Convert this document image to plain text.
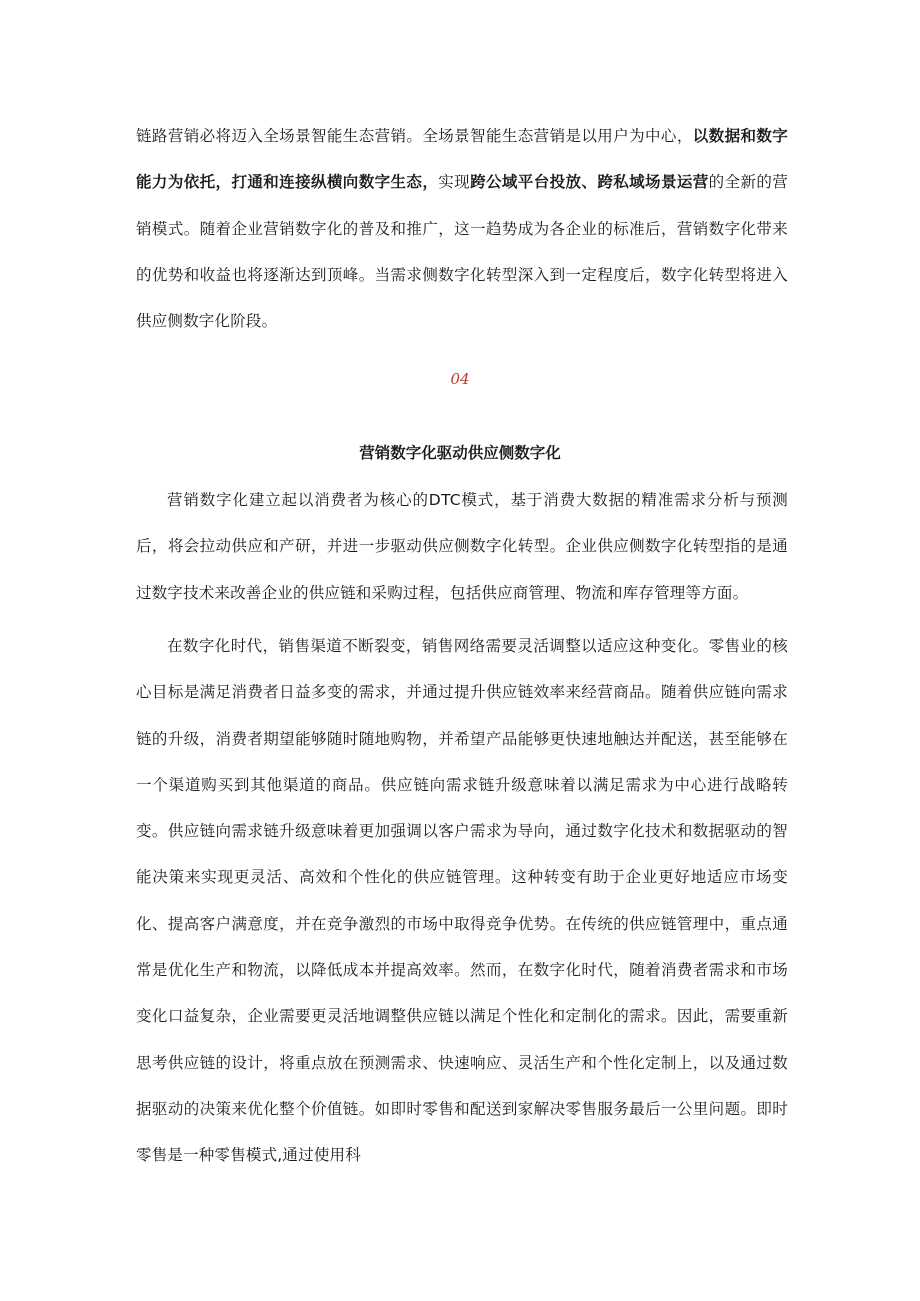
链路营销必将迈入全场景智能生态营销。全场景智能生态营销是以用户为中心，以数据和数字能力为依托，打通和连接纵横向数字生态，实现跨公域平台投放、跨私域场景运营的全新的营销模式。随着企业营销数字化的普及和推广，这一趋势成为各企业的标准后，营销数字化带来的优势和收益也将逐渐达到顶峰。当需求侧数字化转型深入到一定程度后，数字化转型将进入供应侧数字化阶段。

04
营销数字化驱动供应侧数字化

营销数字化建立起以消费者为核心的DTC模式，基于消费大数据的精准需求分析与预测后，将会拉动供应和产研，并进一步驱动供应侧数字化转型。企业供应侧数字化转型指的是通过数字技术来改善企业的供应链和采购过程，包括供应商管理、物流和库存管理等方面。

在数字化时代，销售渠道不断裂变，销售网络需要灵活调整以适应这种变化。零售业的核心目标是满足消费者日益多变的需求，并通过提升供应链效率来经营商品。随着供应链向需求链的升级，消费者期望能够随时随地购物，并希望产品能够更快速地触达并配送，甚至能够在一个渠道购买到其他渠道的商品。供应链向需求链升级意味着以满足需求为中心进行战略转变。供应链向需求链升级意味着更加强调以客户需求为导向，通过数字化技术和数据驱动的智能决策来实现更灵活、高效和个性化的供应链管理。这种转变有助于企业更好地适应市场变化、提高客户满意度，并在竞争激烈的市场中取得竞争优势。在传统的供应链管理中，重点通常是优化生产和物流，以降低成本并提高效率。然而，在数字化时代，随着消费者需求和市场变化口益复杂，企业需要更灵活地调整供应链以满足个性化和定制化的需求。因此，需要重新思考供应链的设计，将重点放在预测需求、快速响应、灵活生产和个性化定制上，以及通过数据驱动的决策来优化整个价值链。如即时零售和配送到家解决零售服务最后一公里问题。即时零售是一种零售模式,通过使用科
